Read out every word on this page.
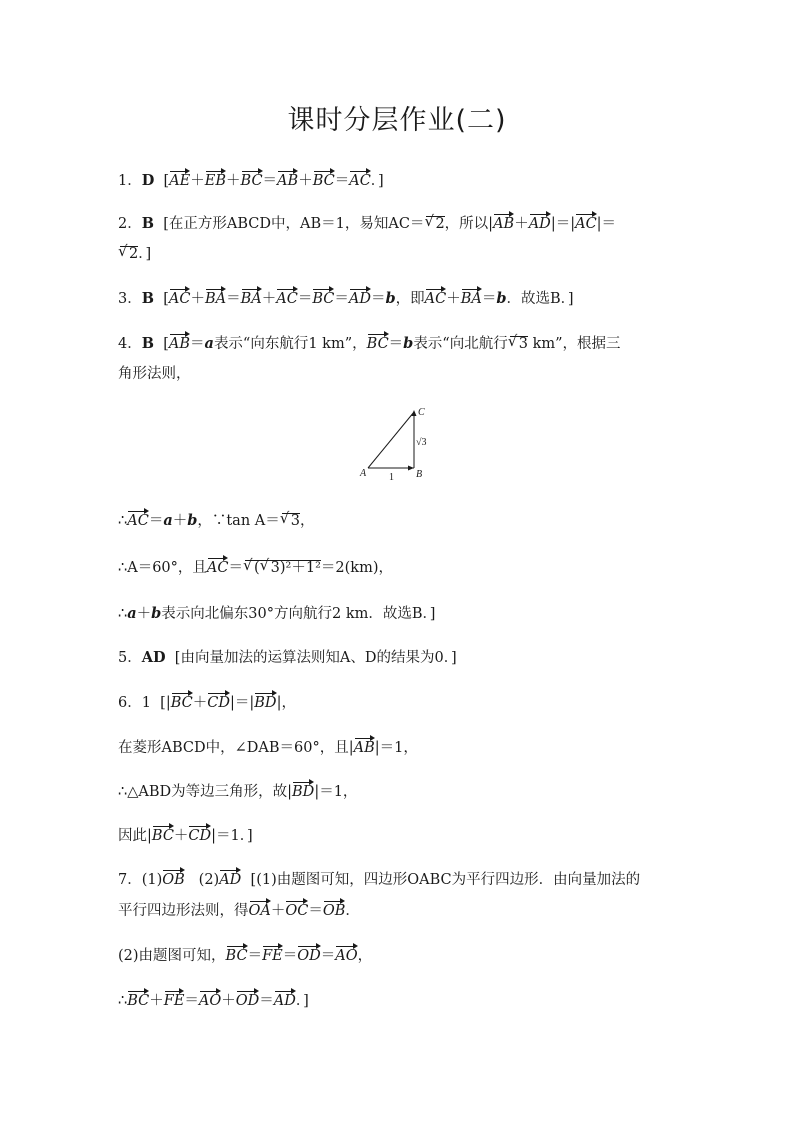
课时分层作业(二)
1．D  [AE＋EB＋BC＝AB＋BC＝AC．]
2．B  [在正方形ABCD中，AB＝1，易知AC＝ √ 2，所以|AB＋AD|＝|AC|＝
√ 2．]
3．B  [AC＋BA＝BA＋AC＝BC＝AD＝b，即AC＋BA＝b．故选B．]
4．B  [AB＝a表示“向东航行1 km”，BC＝b表示“向北航行 √ 3 km”，根据三
角形法则，
A	B
C
1
√3
∴AC＝a＋b，∵tan A＝ √ 3，
∴A＝60°，且AC＝ √ ( √ 3)²＋1²＝2(km)，
∴a＋b表示向北偏东30°方向航行2 km．故选B．]
5．AD [由向量加法的运算法则知A、D的结果为0．]
6．1  [|BC＋CD|＝|BD|，
在菱形ABCD中，∠DAB＝60°，且|AB|＝1，
∴△ABD为等边三角形，故|BD|＝1，
因此|BC＋CD|＝1．]
7．(1)OB (2)AD [(1)由题图可知，四边形OABC为平行四边形．由向量加法的
平行四边形法则，得OA＋OC＝OB．
(2)由题图可知，BC＝FE＝OD＝AO，
∴BC＋FE＝AO＋OD＝AD．]
